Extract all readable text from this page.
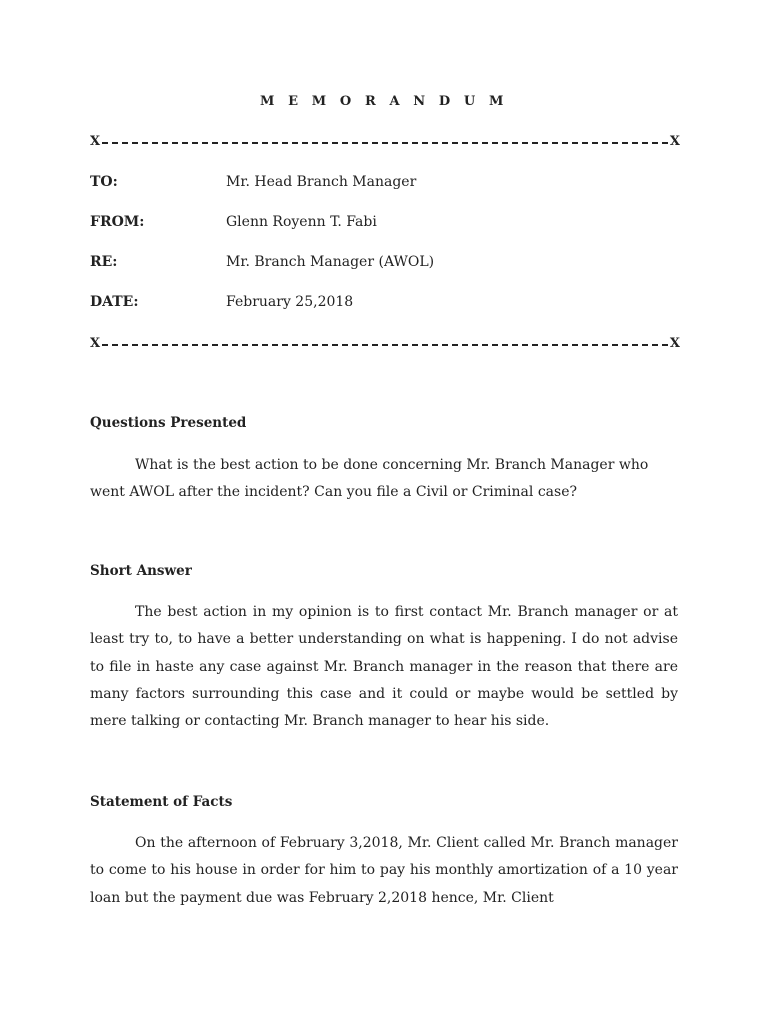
M E M O R A N D U M
X	X
TO:	Mr. Head Branch Manager
FROM:	Glenn Royenn T. Fabi
RE:	Mr. Branch Manager (AWOL)
DATE:	February 25,2018
X	X
Questions Presented
What is the best action to be done concerning Mr. Branch Manager who went AWOL after the incident? Can you file a Civil or Criminal case?
Short Answer
The best action in my opinion is to first contact Mr. Branch manager or at least try to, to have a better understanding on what is happening. I do not advise to file in haste any case against Mr. Branch manager in the reason that there are many factors surrounding this case and it could or maybe would be settled by mere talking or contacting Mr. Branch manager to hear his side.
Statement of Facts
On the afternoon of February 3,2018, Mr. Client called Mr. Branch manager to come to his house in order for him to pay his monthly amortization of a 10 year loan but the payment due was February 2,2018 hence, Mr. Client
